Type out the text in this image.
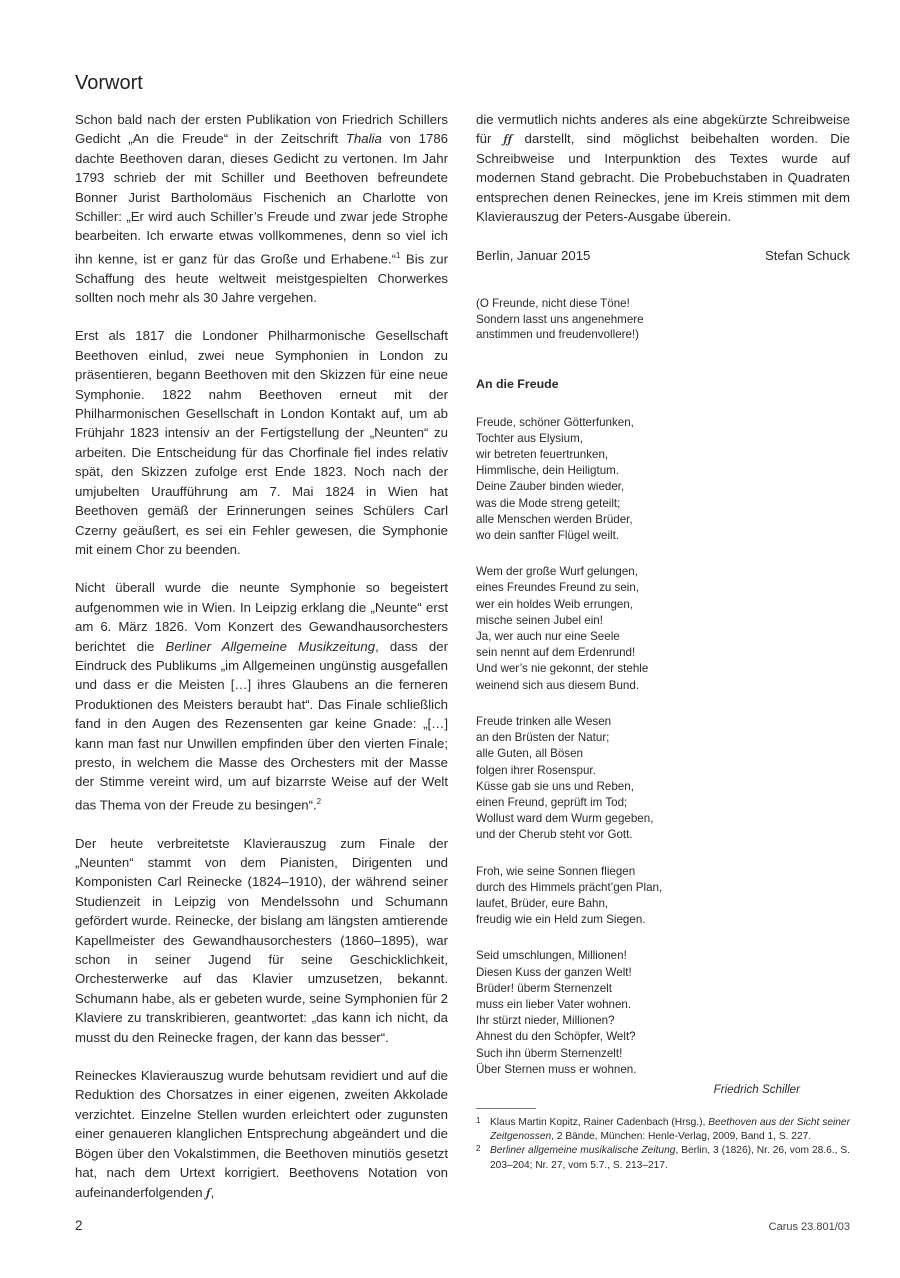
Vorwort

Schon bald nach der ersten Publikation von Friedrich Schillers Gedicht „An die Freude“ in der Zeitschrift Thalia von 1786 dachte Beethoven daran, dieses Gedicht zu vertonen. Im Jahr 1793 schrieb der mit Schiller und Beethoven befreundete Bonner Jurist Bartholomäus Fischenich an Charlotte von Schiller: „Er wird auch Schiller’s Freude und zwar jede Strophe bearbeiten. Ich erwarte etwas vollkommenes, denn so viel ich ihn kenne, ist er ganz für das Große und Erhabene.“$^1$ Bis zur Schaffung des heute weltweit meistgespielten Chorwerkes sollten noch mehr als 30 Jahre vergehen.

Erst als 1817 die Londoner Philharmonische Gesellschaft Beethoven einlud, zwei neue Symphonien in London zu präsentieren, begann Beethoven mit den Skizzen für eine neue Symphonie. 1822 nahm Beethoven erneut mit der Philharmonischen Gesellschaft in London Kontakt auf, um ab Frühjahr 1823 intensiv an der Fertigstellung der „Neunten“ zu arbeiten. Die Entscheidung für das Chorfinale fiel indes relativ spät, den Skizzen zufolge erst Ende 1823. Noch nach der umjubelten Uraufführung am 7. Mai 1824 in Wien hat Beethoven gemäß der Erinnerungen seines Schülers Carl Czerny geäußert, es sei ein Fehler gewesen, die Symphonie mit einem Chor zu beenden.

Nicht überall wurde die neunte Symphonie so begeistert aufgenommen wie in Wien. In Leipzig erklang die „Neunte“ erst am 6. März 1826. Vom Konzert des Gewandhausorchesters berichtet die Berliner Allgemeine Musikzeitung, dass der Eindruck des Publikums „im Allgemeinen ungünstig ausgefallen und dass er die Meisten […] ihres Glaubens an die ferneren Produktionen des Meisters beraubt hat“. Das Finale schließlich fand in den Augen des Rezensenten gar keine Gnade: „[…] kann man fast nur Unwillen empfinden über den vierten Finale; presto, in welchem die Masse des Orchesters mit der Masse der Stimme vereint wird, um auf bizarrste Weise auf der Welt das Thema von der Freude zu besingen“.$^2$

Der heute verbreitetste Klavierauszug zum Finale der „Neunten“ stammt von dem Pianisten, Dirigenten und Komponisten Carl Reinecke (1824–1910), der während seiner Studienzeit in Leipzig von Mendelssohn und Schumann gefördert wurde. Reinecke, der bislang am längsten amtierende Kapellmeister des Gewandhausorchesters (1860–1895), war schon in seiner Jugend für seine Geschicklichkeit, Orchesterwerke auf das Klavier umzusetzen, bekannt. Schumann habe, als er gebeten wurde, seine Symphonien für 2 Klaviere zu transkribieren, geantwortet: „das kann ich nicht, da musst du den Reinecke fragen, der kann das besser“.

Reineckes Klavierauszug wurde behutsam revidiert und auf die Reduktion des Chorsatzes in einer eigenen, zweiten Akkolade verzichtet. Einzelne Stellen wurden erleichtert oder zugunsten einer genaueren klanglichen Entsprechung abgeändert und die Bögen über den Vokalstimmen, die Beethoven minutiös gesetzt hat, nach dem Urtext korrigiert. Beethovens Notation von aufeinanderfolgenden 𝆑,

die vermutlich nichts anderes als eine abgekürzte Schreibweise für 𝆑𝆑 darstellt, sind möglichst beibehalten worden. Die Schreibweise und Interpunktion des Textes wurde auf modernen Stand gebracht. Die Probebuchstaben in Quadraten entsprechen denen Reineckes, jene im Kreis stimmen mit dem Klavierauszug der Peters-Ausgabe überein.

Berlin, Januar 2015	Stefan Schuck
(O Freunde, nicht diese Töne!
Sondern lasst uns angenehmere
anstimmen und freudenvollere!)
An die Freude
Freude, schöner Götterfunken,
Tochter aus Elysium,
wir betreten feuertrunken,
Himmlische, dein Heiligtum.
Deine Zauber binden wieder,
was die Mode streng geteilt;
alle Menschen werden Brüder,
wo dein sanfter Flügel weilt.
Wem der große Wurf gelungen,
eines Freundes Freund zu sein,
wer ein holdes Weib errungen,
mische seinen Jubel ein!
Ja, wer auch nur eine Seele
sein nennt auf dem Erdenrund!
Und wer’s nie gekonnt, der stehle
weinend sich aus diesem Bund.
Freude trinken alle Wesen
an den Brüsten der Natur;
alle Guten, all Bösen
folgen ihrer Rosenspur.
Küsse gab sie uns und Reben,
einen Freund, geprüft im Tod;
Wollust ward dem Wurm gegeben,
und der Cherub steht vor Gott.
Froh, wie seine Sonnen fliegen
durch des Himmels prächt’gen Plan,
laufet, Brüder, eure Bahn,
freudig wie ein Held zum Siegen.
Seid umschlungen, Millionen!
Diesen Kuss der ganzen Welt!
Brüder! überm Sternenzelt
muss ein lieber Vater wohnen.
Ihr stürzt nieder, Millionen?
Ahnest du den Schöpfer, Welt?
Such ihn überm Sternenzelt!
Über Sternen muss er wohnen.
Friedrich Schiller
1 Klaus Martin Kopitz, Rainer Cadenbach (Hrsg.), Beethoven aus der Sicht seiner Zeitgenossen, 2 Bände, München: Henle-Verlag, 2009, Band 1, S. 227.
2 Berliner allgemeine musikalische Zeitung, Berlin, 3 (1826), Nr. 26, vom 28.6., S. 203–204; Nr. 27, vom 5.7., S. 213–217.
2	Carus 23.801/03
